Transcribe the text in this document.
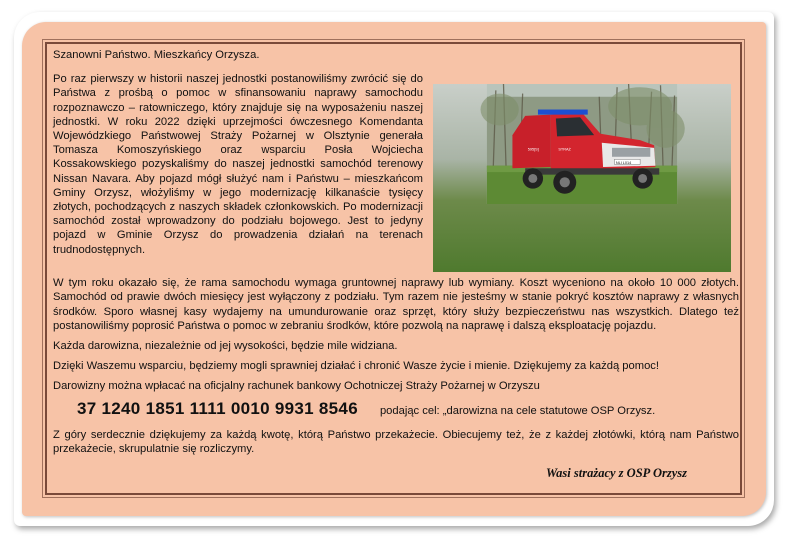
Szanowni Państwo. Mieszkańcy Orzysza.

NLI L014
595[S]	STRAŻ

Po raz pierwszy w historii naszej jednostki postanowiliśmy zwrócić się do Państwa z prośbą o pomoc w sfinansowaniu naprawy samochodu rozpoznawczo – ratowniczego, który znajduje się na wyposażeniu naszej jednostki. W roku 2022 dzięki uprzejmości ówczesnego Komendanta Wojewódzkiego Państwowej Straży Pożarnej w Olsztynie generała Tomasza Komoszyńskiego oraz wsparciu Posła Wojciecha Kossakowskiego pozyskaliśmy do naszej jednostki samochód terenowy Nissan Navara. Aby pojazd mógł służyć nam i Państwu – mieszkańcom Gminy Orzysz, włożyliśmy w jego modernizację kilkanaście tysięcy złotych, pochodzących z naszych składek członkowskich. Po modernizacji samochód został wprowadzony do podziału bojowego. Jest to jedyny pojazd w Gminie Orzysz do prowadzenia działań na terenach trudnodostępnych.

W tym roku okazało się, że rama samochodu wymaga gruntownej naprawy lub wymiany. Koszt wyceniono na około 10 000 złotych. Samochód od prawie dwóch miesięcy jest wyłączony z podziału. Tym razem nie jesteśmy w stanie pokryć kosztów naprawy z własnych środków. Sporo własnej kasy wydajemy na umundurowanie oraz sprzęt, który służy bezpieczeństwu nas wszystkich. Dlatego też postanowiliśmy poprosić Państwa o pomoc w zebraniu środków, które pozwolą na naprawę i dalszą eksploatację pojazdu.

Każda darowizna, niezależnie od jej wysokości, będzie mile widziana.

Dzięki Waszemu wsparciu, będziemy mogli sprawniej działać i chronić Wasze życie i mienie. Dziękujemy za każdą pomoc!

Darowizny można wpłacać na oficjalny rachunek bankowy Ochotniczej Straży Pożarnej w Orzyszu

37 1240 1851 1111 0010 9931 8546 podając cel: „darowizna na cele statutowe OSP Orzysz.

Z góry serdecznie dziękujemy za każdą kwotę, którą Państwo przekażecie. Obiecujemy też, że z każdej złotówki, którą nam Państwo przekażecie, skrupulatnie się rozliczymy.

Wasi strażacy z OSP Orzysz
